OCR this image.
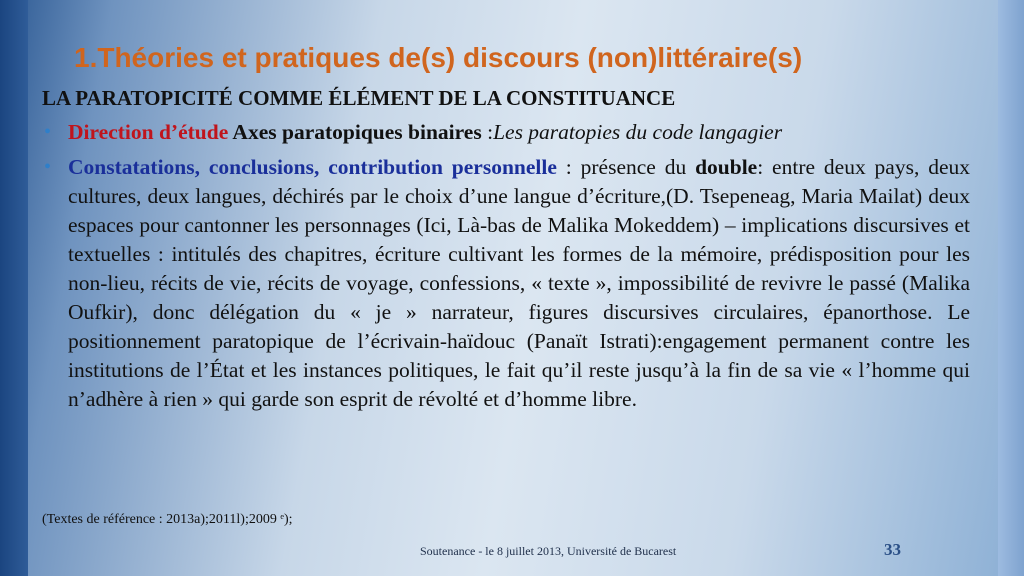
1.Théories et pratiques de(s) discours (non)littéraire(s)
LA PARATOPICITÉ COMME ÉLÉMENT DE LA CONSTITUANCE
• Direction d’étude Axes paratopiques binaires :Les paratopies du code langagier
• Constatations, conclusions, contribution personnelle : présence du double: entre deux pays, deux cultures, deux langues, déchirés par le choix d’une langue d’écriture,(D. Tsepeneag, Maria Mailat) deux espaces pour cantonner les personnages (Ici, Là-bas de Malika Mokeddem) – implications discursives et textuelles : intitulés des chapitres, écriture cultivant les formes de la mémoire, prédisposition pour les non-lieu, récits de vie, récits de voyage, confessions, « texte », impossibilité de revivre le passé (Malika Oufkir), donc délégation du « je » narrateur, figures discursives circulaires, épanorthose. Le positionnement paratopique de l’écrivain-haïdouc (Panaït Istrati):engagement permanent contre les institutions de l’État et les instances politiques, le fait qu’il reste jusqu’à la fin de sa vie « l’homme qui n’adhère à rien » qui garde son esprit de révolté et d’homme libre.
(Textes de référence : 2013a);2011l);2009 ᵉ);
Soutenance - le 8 juillet 2013, Université de Bucarest	33
